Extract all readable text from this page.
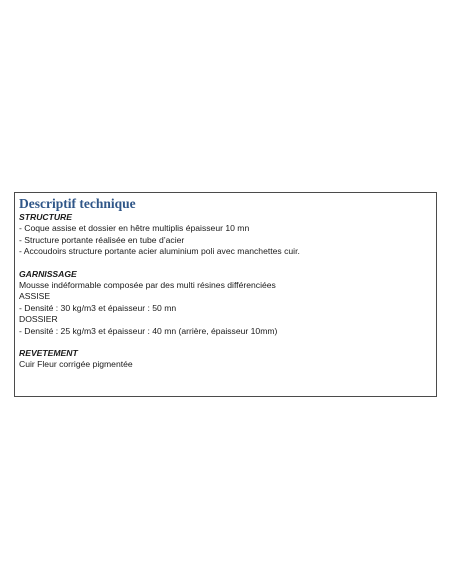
Descriptif technique

STRUCTURE

- Coque assise et dossier en hêtre multiplis épaisseur 10 mn

- Structure portante réalisée en tube d’acier

- Accoudoirs structure portante acier aluminium poli avec manchettes cuir.

GARNISSAGE

Mousse indéformable composée par des multi résines différenciées

ASSISE

- Densité : 30 kg/m3 et épaisseur : 50 mn

DOSSIER

- Densité : 25 kg/m3 et épaisseur : 40 mn (arrière, épaisseur 10mm)

REVETEMENT

Cuir Fleur corrigée pigmentée
